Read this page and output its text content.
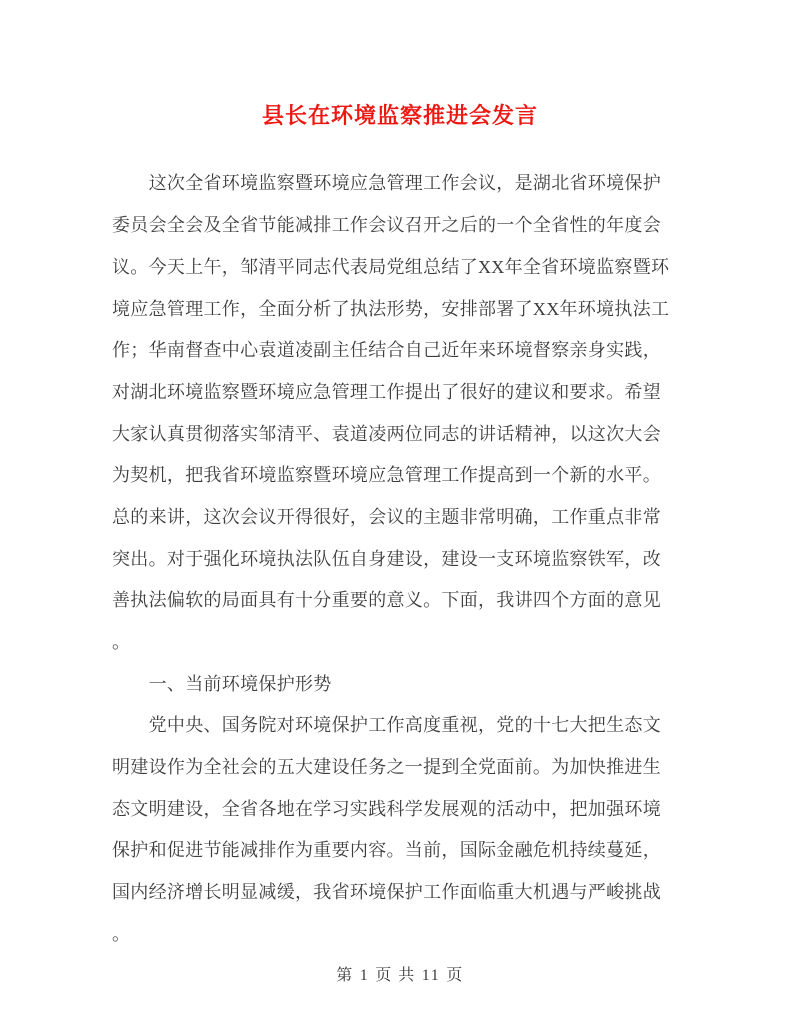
县长在环境监察推进会发言
　　这次全省环境监察暨环境应急管理工作会议，是湖北省环境保护
委员会全会及全省节能减排工作会议召开之后的一个全省性的年度会
议。今天上午，邹清平同志代表局党组总结了XX年全省环境监察暨环
境应急管理工作，全面分析了执法形势，安排部署了XX年环境执法工
作；华南督查中心袁道凌副主任结合自己近年来环境督察亲身实践，
对湖北环境监察暨环境应急管理工作提出了很好的建议和要求。希望
大家认真贯彻落实邹清平、袁道凌两位同志的讲话精神，以这次大会
为契机，把我省环境监察暨环境应急管理工作提高到一个新的水平。
总的来讲，这次会议开得很好，会议的主题非常明确，工作重点非常
突出。对于强化环境执法队伍自身建设，建设一支环境监察铁军，改
善执法偏软的局面具有十分重要的意义。下面，我讲四个方面的意见
。
　　一、当前环境保护形势
　　党中央、国务院对环境保护工作高度重视，党的十七大把生态文
明建设作为全社会的五大建设任务之一提到全党面前。为加快推进生
态文明建设，全省各地在学习实践科学发展观的活动中，把加强环境
保护和促进节能减排作为重要内容。当前，国际金融危机持续蔓延，
国内经济增长明显减缓，我省环境保护工作面临重大机遇与严峻挑战
。
第 1 页 共 11 页
